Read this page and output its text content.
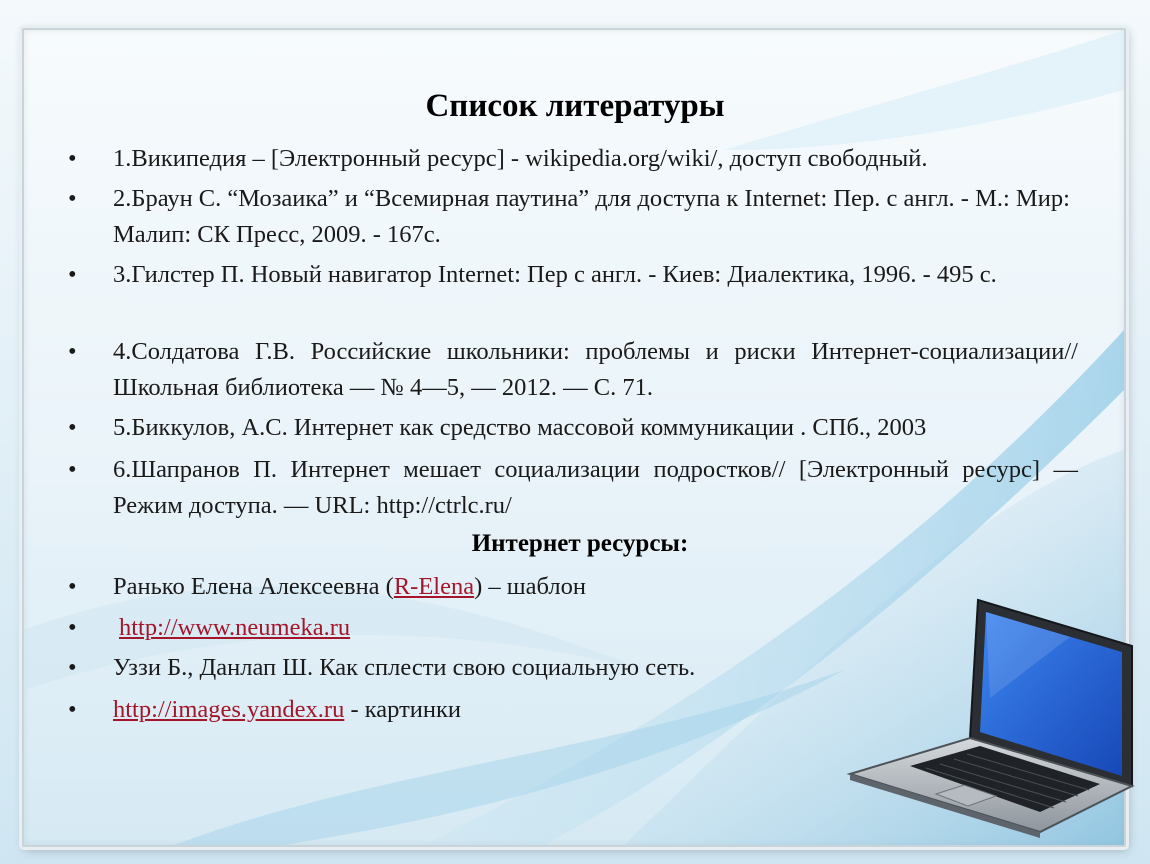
Список литературы
•	1.Википедия – [Электронный ресурс] - wikipedia.org/wiki/, доступ свободный.
•	2.Браун С. “Мозаика” и “Всемирная паутина” для доступа к Internet: Пер. с англ. - М.: Мир: Малип: СК Пресс, 2009. - 167с.
•	3.Гилстер П. Новый навигатор Internet: Пер с англ. - Киев: Диалектика, 1996. - 495 с.
•	4.Солдатова Г.В. Российские школьники: проблемы и риски Интернет-социализации//Школьная библиотека — № 4—5, — 2012. — С. 71.
•	5.Биккулов, А.С. Интернет как средство массовой коммуникации . СПб., 2003
•	6.Шапранов П. Интернет мешает социализации подростков// [Электронный ресурс] — Режим доступа. — URL: http://ctrlc.ru/
Интернет ресурсы:
•	Ранько Елена Алексеевна (R-Elena) – шаблон
•	http://www.neumeka.ru
•	Уззи Б., Данлап Ш. Как сплести свою социальную сеть.
•	http://images.yandex.ru - картинки
